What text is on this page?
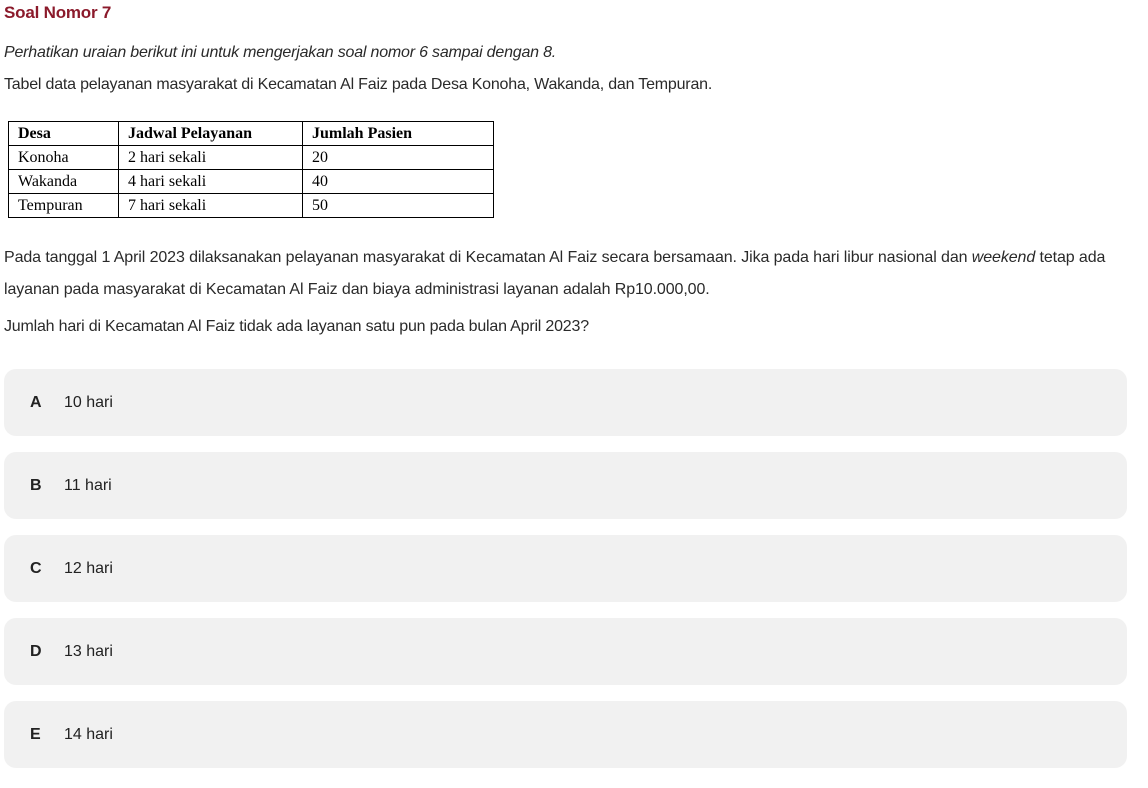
Soal Nomor 7
Perhatikan uraian berikut ini untuk mengerjakan soal nomor 6 sampai dengan 8.
Tabel data pelayanan masyarakat di Kecamatan Al Faiz pada Desa Konoha, Wakanda, dan Tempuran.
Desa	Jadwal Pelayanan	Jumlah Pasien
Konoha	2 hari sekali	20
Wakanda	4 hari sekali	40
Tempuran	7 hari sekali	50
Pada tanggal 1 April 2023 dilaksanakan pelayanan masyarakat di Kecamatan Al Faiz secara bersamaan. Jika pada hari libur nasional dan weekend tetap ada layanan pada masyarakat di Kecamatan Al Faiz dan biaya administrasi layanan adalah Rp10.000,00.
Jumlah hari di Kecamatan Al Faiz tidak ada layanan satu pun pada bulan April 2023?
A	10 hari
B	11 hari
C	12 hari
D	13 hari
E	14 hari
